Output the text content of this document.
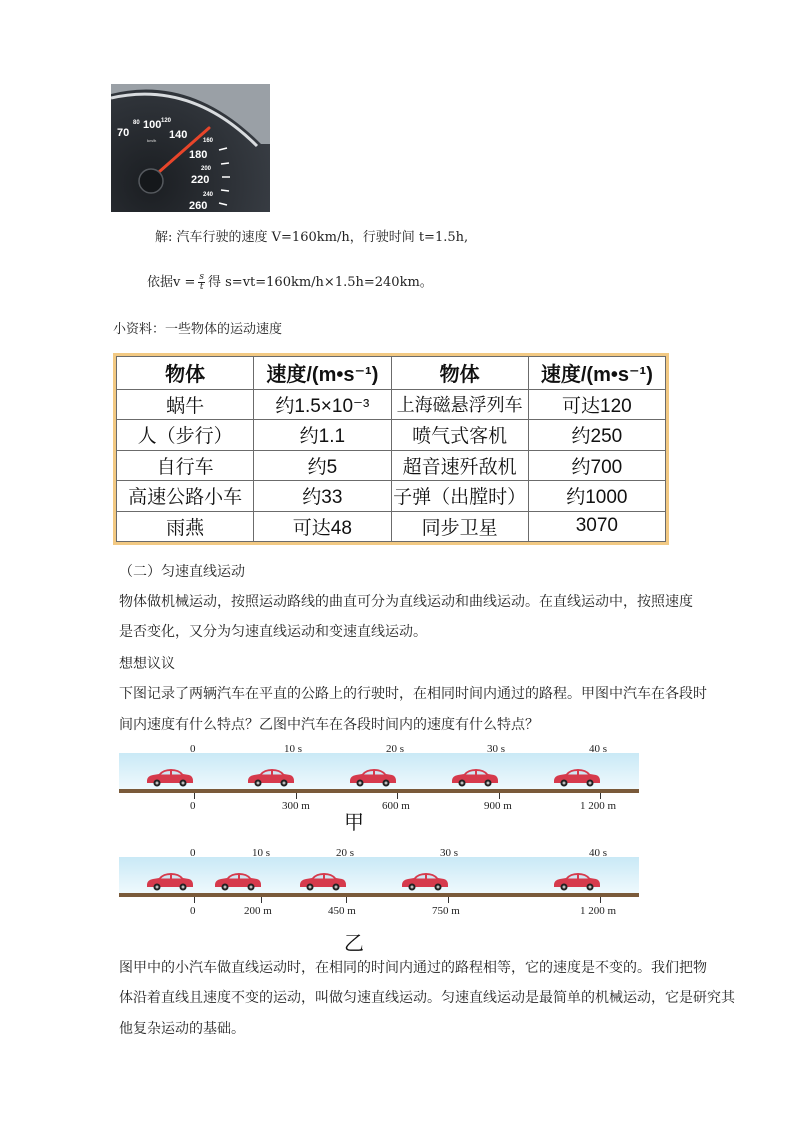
70
80 100 120
140	160
180
200
220
240
260
km/h
解: 汽车行驶的速度 V=160km/h，行驶时间 t=1.5h,
依据$v = \frac{s}{t}$ 得 s=vt=160km/h×1.5h=240km。
小资料：一些物体的运动速度
物体	速度/(m•s⁻¹)	物体	速度/(m•s⁻¹)
蜗牛	约1.5×10⁻³	上海磁悬浮列车	可达120
人（步行）	约1.1	喷气式客机	约250
自行车	约5	超音速歼敌机	约700
高速公路小车	约33	子弹（出膛时）	约1000
雨燕	可达48	同步卫星	3070
（二）匀速直线运动
物体做机械运动，按照运动路线的曲直可分为直线运动和曲线运动。在直线运动中，按照速度
是否变化，又分为匀速直线运动和变速直线运动。
想想议议
下图记录了两辆汽车在平直的公路上的行驶时，在相同时间内通过的路程。甲图中汽车在各段时
间内速度有什么特点？乙图中汽车在各段时间内的速度有什么特点？
0	10 s	20 s	30 s	40 s
0	300 m	600 m	900 m	1 200 m
甲
0	10 s	20 s	30 s	40 s
0	200 m	450 m	750 m	1 200 m
乙
图甲中的小汽车做直线运动时，在相同的时间内通过的路程相等，它的速度是不变的。我们把物
体沿着直线且速度不变的运动，叫做匀速直线运动。匀速直线运动是最简单的机械运动，它是研究其
他复杂运动的基础。
